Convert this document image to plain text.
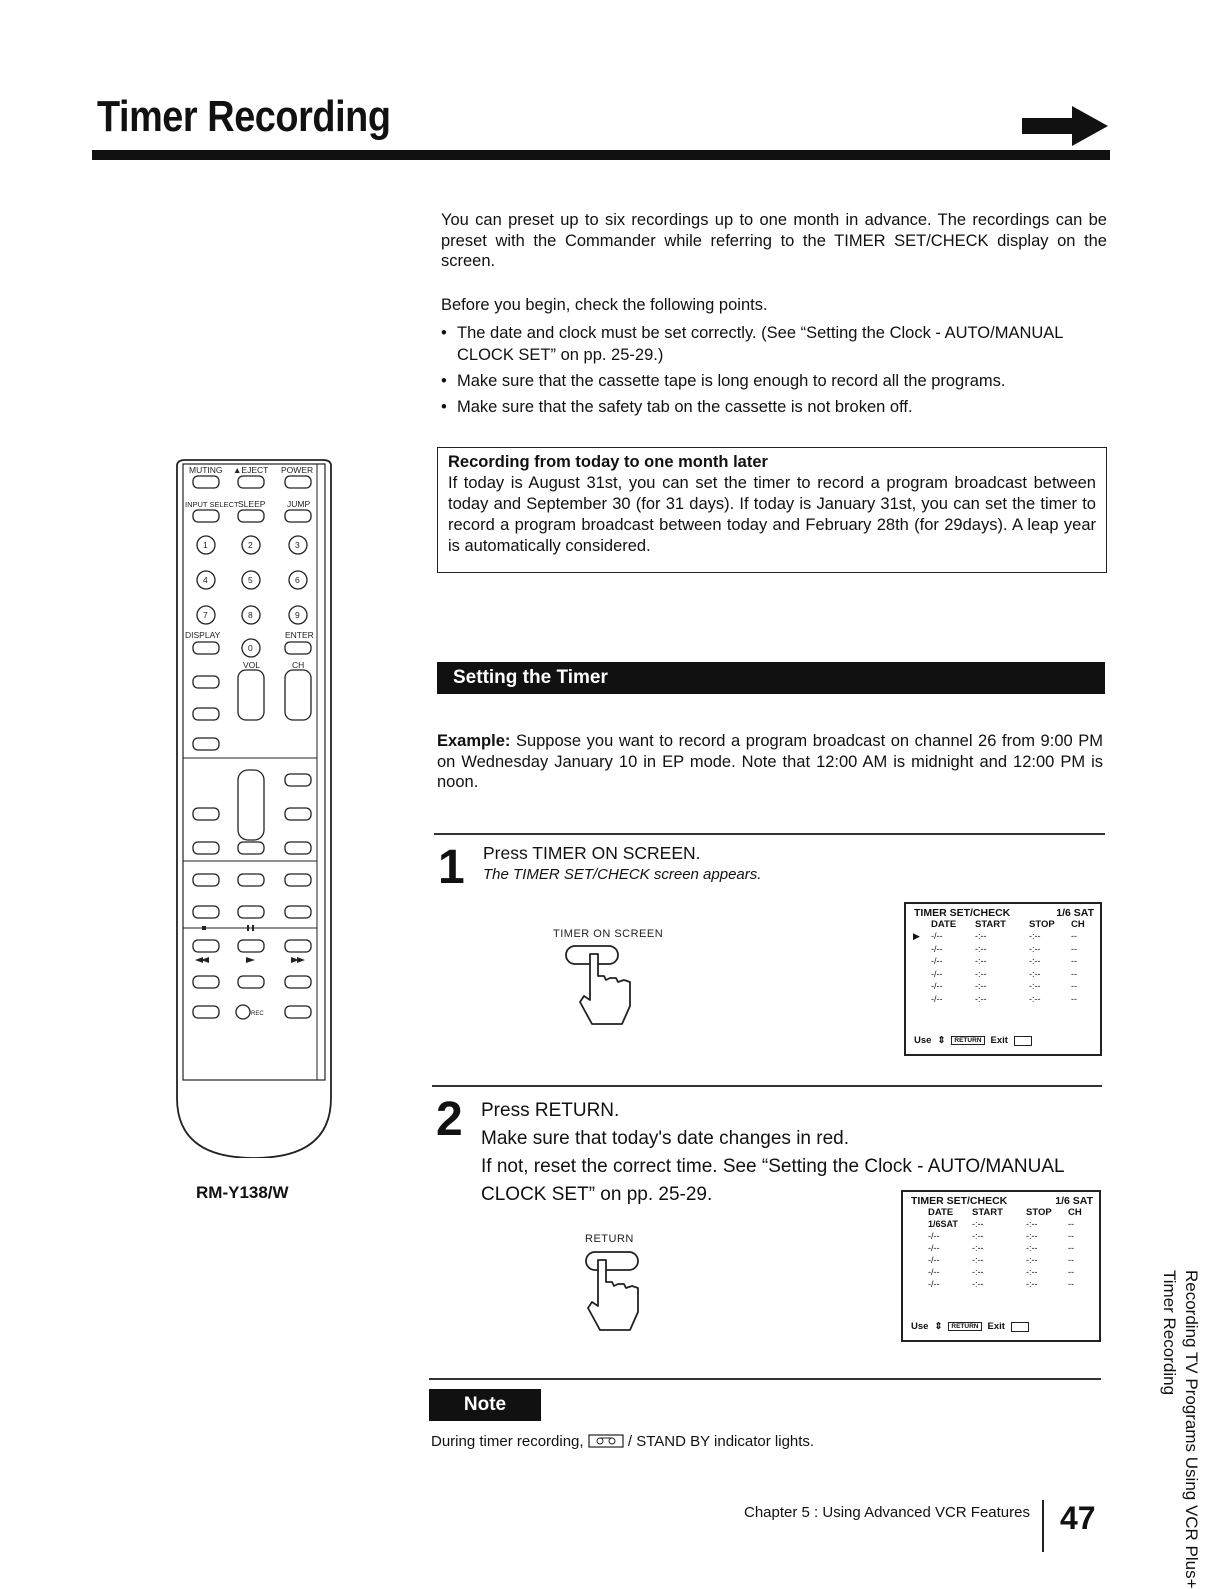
Timer Recording

You can preset up to six recordings up to one month in advance. The recordings can be preset with the Commander while referring to the TIMER SET/CHECK display on the screen.

Before you begin, check the following points.

• The date and clock must be set correctly. (See “Setting the Clock - AUTO/MANUAL CLOCK SET” on pp. 25-29.)
• Make sure that the cassette tape is long enough to record all the programs.
• Make sure that the safety tab on the cassette is not broken off.
Recording from today to one month later
If today is August 31st, you can set the timer to record a program broadcast between today and September 30 (for 31 days). If today is January 31st, you can set the timer to record a program broadcast between today and February 28th (for 29days). A leap year is automatically considered.
MUTING ▲EJECT POWER
INPUT SELECT SLEEP	JUMP
1	2	3
4	5	6
7	8	9
0
DISPLAY	ENTER
VOL	CH
REC
RM-Y138/W
Setting the Timer

Example: Suppose you want to record a program broadcast on channel 26 from 9:00 PM on Wednesday January 10 in EP mode. Note that 12:00 AM is midnight and 12:00 PM is noon.

1 Press TIMER ON SCREEN.
The TIMER SET/CHECK screen appears.
TIMER ON SCREEN
TIMER SET/CHECK	1/6 SAT
DATE	START	STOP	CH
▶ -/--	-:--	-:--	--
-/--	-:--	-:--	--
-/--	-:--	-:--	--
-/--	-:--	-:--	--
-/--	-:--	-:--	--
-/--	-:--	-:--	--
Use ⇕	RETURN Exit
2 Press RETURN.
Make sure that today's date changes in red.
If not, reset the correct time. See “Setting the Clock - AUTO/MANUAL
CLOCK SET” on pp. 25-29.
RETURN
TIMER SET/CHECK	1/6 SAT
DATE	START	STOP	CH
1/6SAT	-:--	-:--	--
-/--	-:--	-:--	--
-/--	-:--	-:--	--
-/--	-:--	-:--	--
-/--	-:--	-:--	--
-/--	-:--	-:--	--
Use ⇕	RETURN Exit
Note
During timer recording,  / STAND BY indicator lights.
Chapter 5 : Using Advanced VCR Features 47	Recording TV Programs Using VCR Plus+
Timer Recording
